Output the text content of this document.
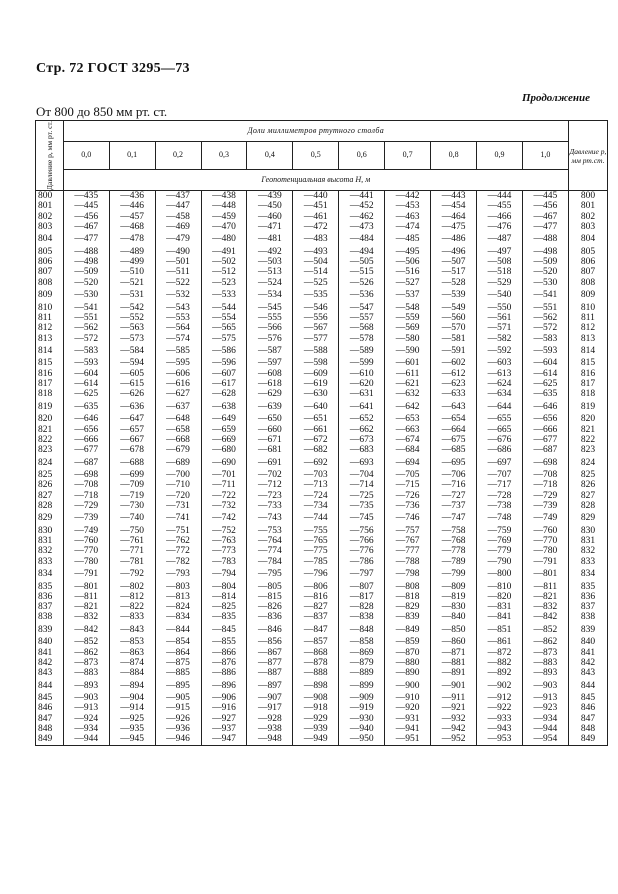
Стр. 72 ГОСТ 3295—73
Продолжение
От 800 до 850 мм рт. ст.
Давление p, мм рт. ст.	Доли миллиметров ртутного столба											Давление p, мм рт.ст.
	0,0	0,1	0,2	0,3	0,4	0,5	0,6	0,7	0,8	0,9	1,0	
	Геопотенциальная высота H, м											
800	—435	—436	—437	—438	—439	—440	—441	—442	—443	—444	—445	800
801	—445	—446	—447	—448	—450	—451	—452	—453	—454	—455	—456	801
802	—456	—457	—458	—459	—460	—461	—462	—463	—464	—466	—467	802
803	—467	—468	—469	—470	—471	—472	—473	—474	—475	—476	—477	803
804	—477	—478	—479	—480	—481	—483	—484	—485	—486	—487	—488	804
805	—488	—489	—490	—491	—492	—493	—494	—495	—496	—497	—498	805
806	—498	—499	—501	—502	—503	—504	—505	—506	—507	—508	—509	806
807	—509	—510	—511	—512	—513	—514	—515	—516	—517	—518	—520	807
808	—520	—521	—522	—523	—524	—525	—526	—527	—528	—529	—530	808
809	—530	—531	—532	—533	—534	—535	—536	—537	—539	—540	—541	809
810	—541	—542	—543	—544	—545	—546	—547	—548	—549	—550	—551	810
811	—551	—552	—553	—554	—555	—556	—557	—559	—560	—561	—562	811
812	—562	—563	—564	—565	—566	—567	—568	—569	—570	—571	—572	812
813	—572	—573	—574	—575	—576	—577	—578	—580	—581	—582	—583	813
814	—583	—584	—585	—586	—587	—588	—589	—590	—591	—592	—593	814
815	—593	—594	—595	—596	—597	—598	—599	—601	—602	—603	—604	815
816	—604	—605	—606	—607	—608	—609	—610	—611	—612	—613	—614	816
817	—614	—615	—616	—617	—618	—619	—620	—621	—623	—624	—625	817
818	—625	—626	—627	—628	—629	—630	—631	—632	—633	—634	—635	818
819	—635	—636	—637	—638	—639	—640	—641	—642	—643	—644	—646	819
820	—646	—647	—648	—649	—650	—651	—652	—653	—654	—655	—656	820
821	—656	—657	—658	—659	—660	—661	—662	—663	—664	—665	—666	821
822	—666	—667	—668	—669	—671	—672	—673	—674	—675	—676	—677	822
823	—677	—678	—679	—680	—681	—682	—683	—684	—685	—686	—687	823
824	—687	—688	—689	—690	—691	—692	—693	—694	—695	—697	—698	824
825	—698	—699	—700	—701	—702	—703	—704	—705	—706	—707	—708	825
826	—708	—709	—710	—711	—712	—713	—714	—715	—716	—717	—718	826
827	—718	—719	—720	—722	—723	—724	—725	—726	—727	—728	—729	827
828	—729	—730	—731	—732	—733	—734	—735	—736	—737	—738	—739	828
829	—739	—740	—741	—742	—743	—744	—745	—746	—747	—748	—749	829
830	—749	—750	—751	—752	—753	—755	—756	—757	—758	—759	—760	830
831	—760	—761	—762	—763	—764	—765	—766	—767	—768	—769	—770	831
832	—770	—771	—772	—773	—774	—775	—776	—777	—778	—779	—780	832
833	—780	—781	—782	—783	—784	—785	—786	—788	—789	—790	—791	833
834	—791	—792	—793	—794	—795	—796	—797	—798	—799	—800	—801	834
835	—801	—802	—803	—804	—805	—806	—807	—808	—809	—810	—811	835
836	—811	—812	—813	—814	—815	—816	—817	—818	—819	—820	—821	836
837	—821	—822	—824	—825	—826	—827	—828	—829	—830	—831	—832	837
838	—832	—833	—834	—835	—836	—837	—838	—839	—840	—841	—842	838
839	—842	—843	—844	—845	—846	—847	—848	—849	—850	—851	—852	839
840	—852	—853	—854	—855	—856	—857	—858	—859	—860	—861	—862	840
841	—862	—863	—864	—866	—867	—868	—869	—870	—871	—872	—873	841
842	—873	—874	—875	—876	—877	—878	—879	—880	—881	—882	—883	842
843	—883	—884	—885	—886	—887	—888	—889	—890	—891	—892	—893	843
844	—893	—894	—895	—896	—897	—898	—899	—900	—901	—902	—903	844
845	—903	—904	—905	—906	—907	—908	—909	—910	—911	—912	—913	845
846	—913	—914	—915	—916	—917	—918	—919	—920	—921	—922	—923	846
847	—924	—925	—926	—927	—928	—929	—930	—931	—932	—933	—934	847
848	—934	—935	—936	—937	—938	—939	—940	—941	—942	—943	—944	848
849	—944	—945	—946	—947	—948	—949	—950	—951	—952	—953	—954	849
